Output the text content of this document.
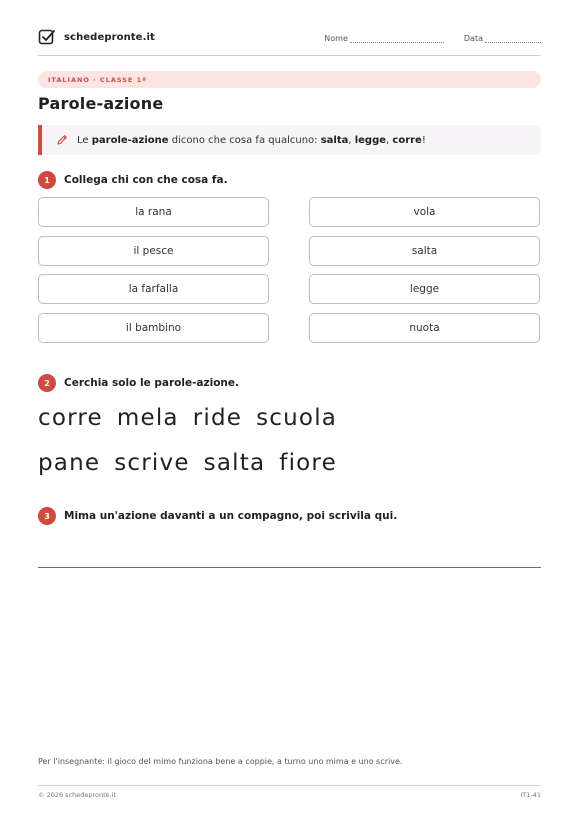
schedepronte.it	Nome	Data
ITALIANO · CLASSE 1ª
Parole-azione
Le parole-azione dicono che cosa fa qualcuno: salta, legge, corre!
1	Collega chi con che cosa fa.
la rana
il pesce
la farfalla
il bambino
vola
salta
legge
nuota
2	Cerchia solo le parole-azione.
corre mela ride scuola
pane scrive salta fiore
3	Mima un'azione davanti a un compagno, poi scrivila qui.
Per l'insegnante: il gioco del mimo funziona bene a coppie, a turno uno mima e uno scrive.
© 2026 schedepronte.it	IT1-41
